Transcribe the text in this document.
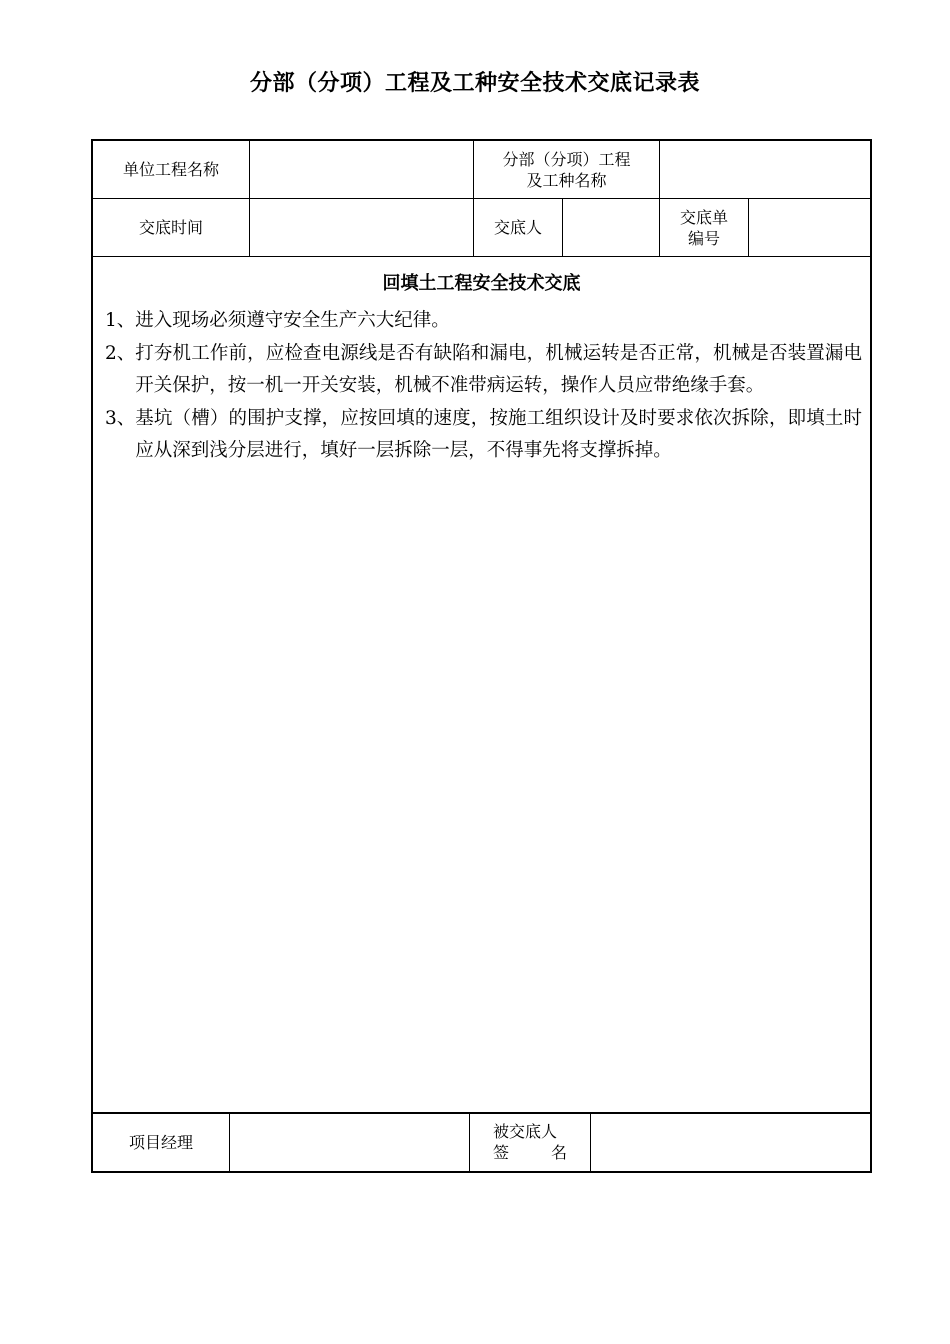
分部（分项）工程及工种安全技术交底记录表
单位工程名称
分部（分项）工程
及工种名称
交底时间	交底人
交底单
编号
回填土工程安全技术交底
1、 进入现场必须遵守安全生产六大纪律。
2、 打夯机工作前，应检查电源线是否有缺陷和漏电，机械运转是否正常，机械是否装置漏电开关保护，按一机一开关安装，机械不准带病运转，操作人员应带绝缘手套。
3、 基坑（槽）的围护支撑，应按回填的速度，按施工组织设计及时要求依次拆除，即填土时应从深到浅分层进行，填好一层拆除一层，不得事先将支撑拆掉。
项目经理
被交底人
签	名
